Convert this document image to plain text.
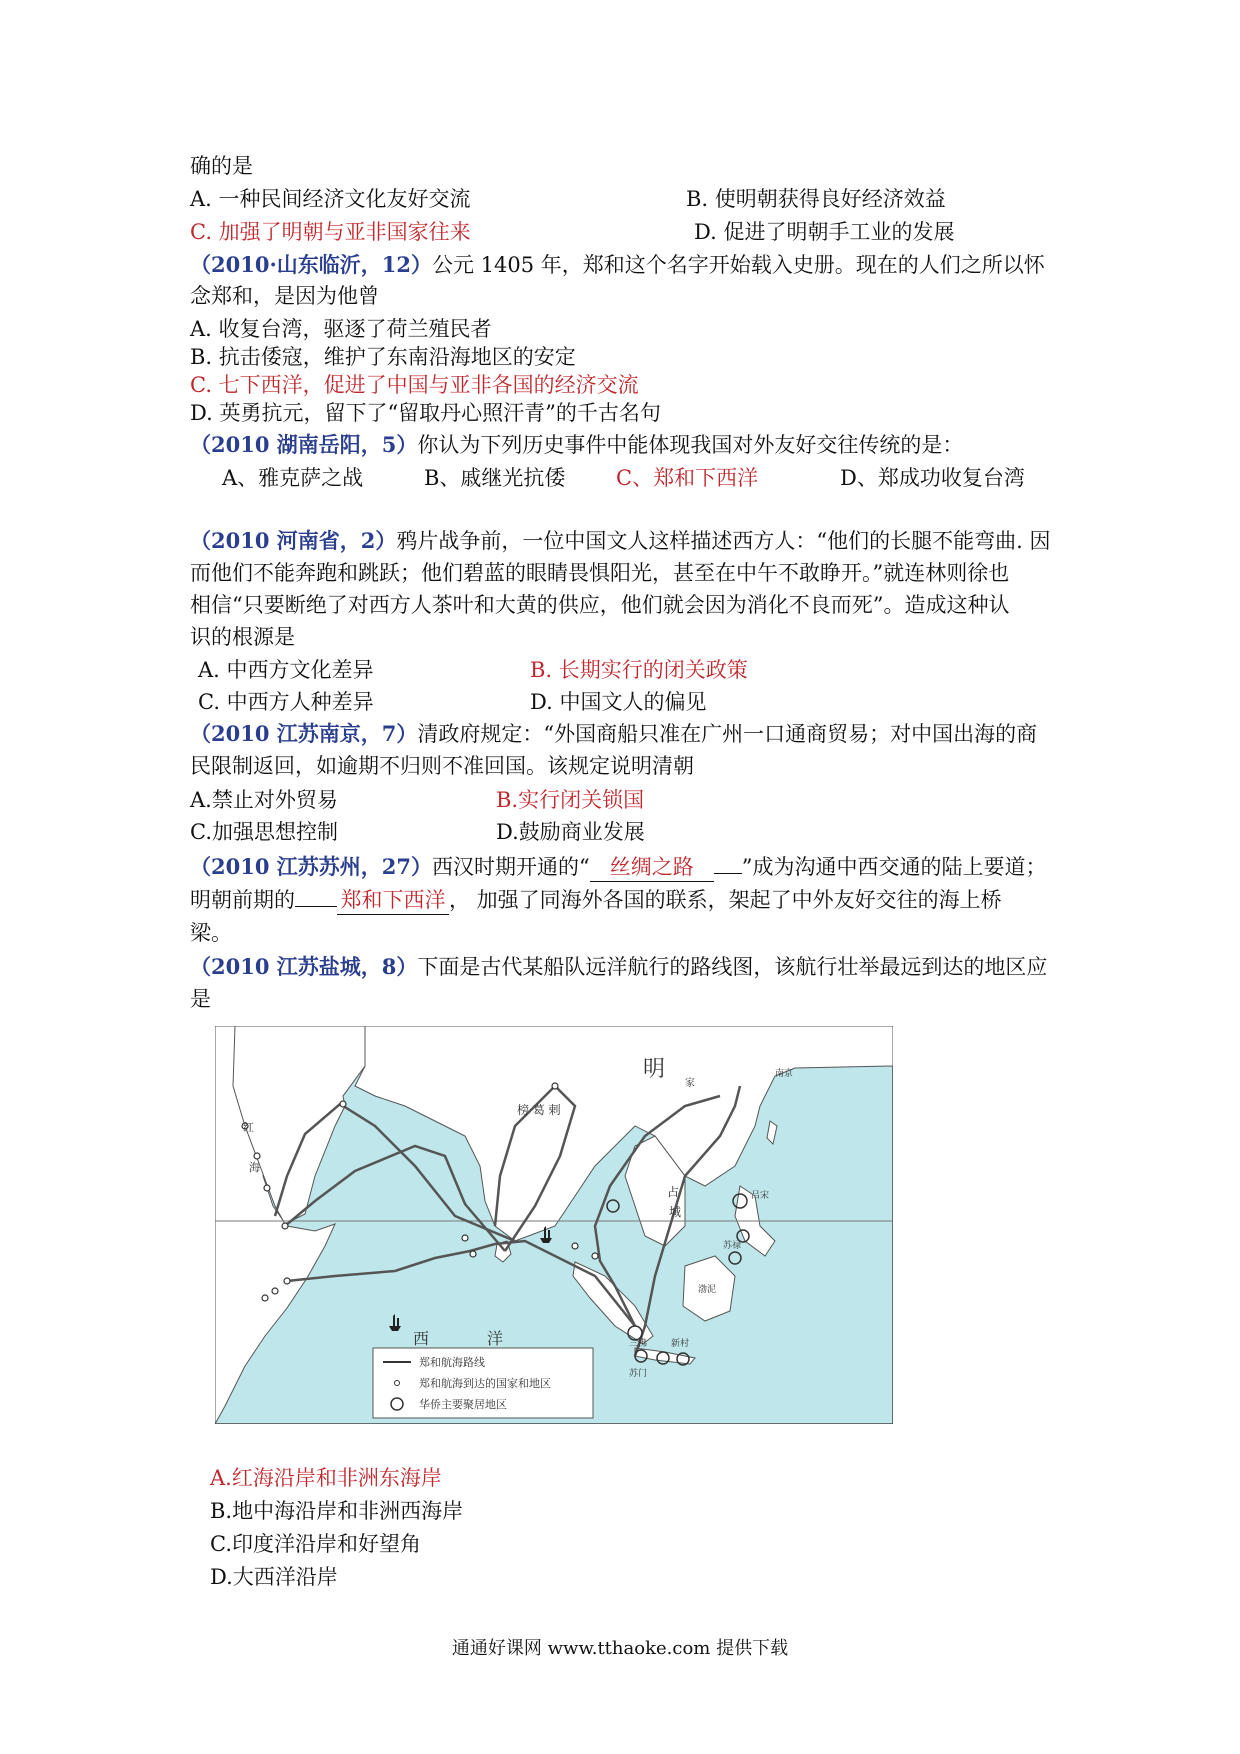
确的是
A. 一种民间经济文化友好交流	B. 使明朝获得良好经济效益
C. 加强了明朝与亚非国家往来	D. 促进了明朝手工业的发展
（2010·山东临沂，12）公元 1405 年，郑和这个名字开始载入史册。现在的人们之所以怀
念郑和，是因为他曾
A. 收复台湾，驱逐了荷兰殖民者
B. 抗击倭寇，维护了东南沿海地区的安定
C. 七下西洋，促进了中国与亚非各国的经济交流
D. 英勇抗元，留下了“留取丹心照汗青”的千古名句
（2010 湖南岳阳，5）你认为下列历史事件中能体现我国对外友好交往传统的是：
A、雅克萨之战	B、戚继光抗倭 C、郑和下西洋	D、郑成功收复台湾
（2010 河南省，2）鸦片战争前，一位中国文人这样描述西方人：“他们的长腿不能弯曲. 因
而他们不能奔跑和跳跃；他们碧蓝的眼睛畏惧阳光，甚至在中午不敢睁开。”就连林则徐也
相信“只要断绝了对西方人茶叶和大黄的供应，他们就会因为消化不良而死”。造成这种认
识的根源是
A. 中西方文化差异	B. 长期实行的闭关政策
C. 中西方人种差异	D. 中国文人的偏见
（2010 江苏南京，7）清政府规定：“外国商船只准在广州一口通商贸易；对中国出海的商
民限制返回，如逾期不归则不准回国。该规定说明清朝
A.禁止对外贸易	B.实行闭关锁国
C.加强思想控制	D.鼓励商业发展
（2010 江苏苏州，27）西汉时期开通的“ 丝绸之路 ”成为沟通中西交通的陆上要道；
明朝前期的 郑和下西洋 ， 加强了同海外各国的联系，架起了中外友好交往的海上桥
梁。
（2010 江苏盐城，8）下面是古代某船队远洋航行的路线图，该航行壮举最远到达的地区应
是
明
西	洋
红
海
榜 葛 剌
占
城
南京
吕宋
苏禄
渤泥
三佛	新村
苏门
家
郑和航海路线
郑和航海到达的国家和地区
华侨主要聚居地区
A.红海沿岸和非洲东海岸
B.地中海沿岸和非洲西海岸
C.印度洋沿岸和好望角
D.大西洋沿岸
通通好课网 www.tthaoke.com 提供下载
